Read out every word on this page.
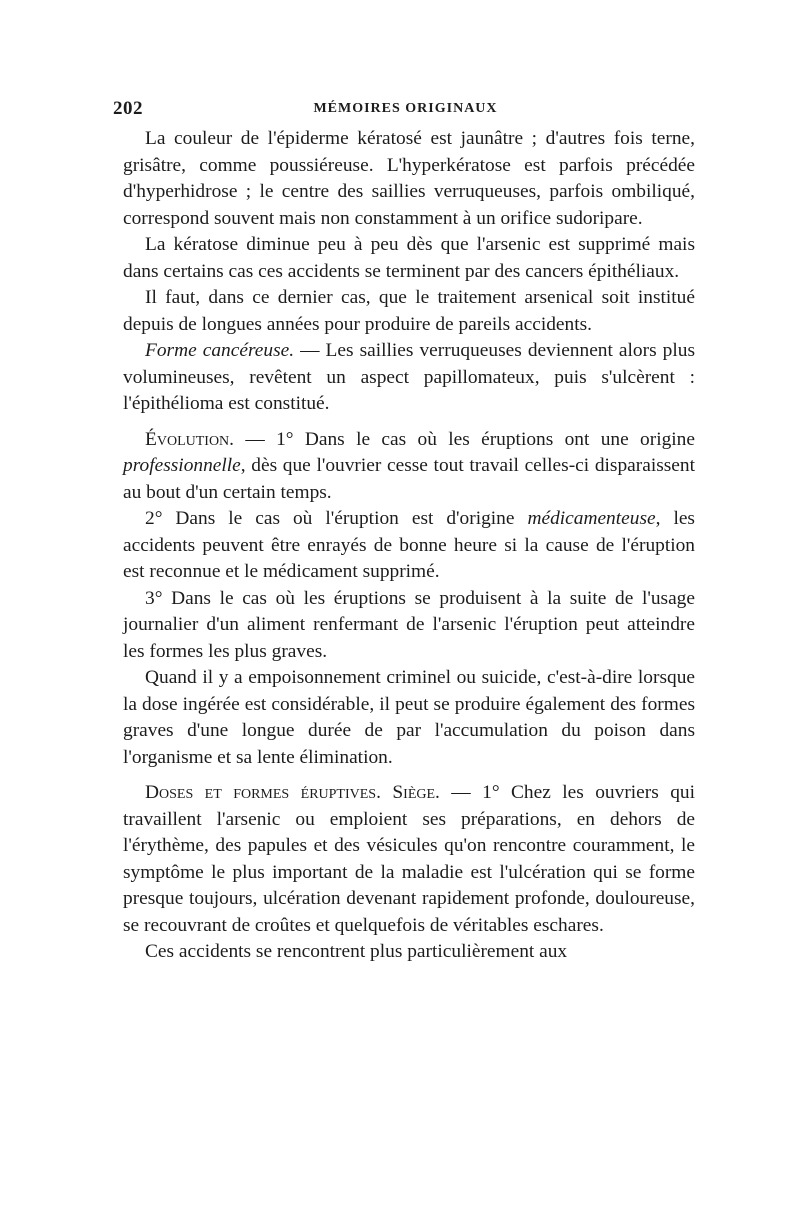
202	MÉMOIRES ORIGINAUX

La couleur de l'épiderme kératosé est jaunâtre ; d'autres fois terne, grisâtre, comme poussiéreuse. L'hyperkératose est parfois précédée d'hyperhidrose ; le centre des saillies verruqueuses, parfois ombiliqué, correspond souvent mais non constamment à un orifice sudoripare.

La kératose diminue peu à peu dès que l'arsenic est supprimé mais dans certains cas ces accidents se terminent par des cancers épithéliaux.

Il faut, dans ce dernier cas, que le traitement arsenical soit institué depuis de longues années pour produire de pareils accidents.

Forme cancéreuse. — Les saillies verruqueuses deviennent alors plus volumineuses, revêtent un aspect papillomateux, puis s'ulcèrent : l'épithélioma est constitué.

Évolution. — 1° Dans le cas où les éruptions ont une origine professionnelle, dès que l'ouvrier cesse tout travail celles-ci disparaissent au bout d'un certain temps.

2° Dans le cas où l'éruption est d'origine médicamenteuse, les accidents peuvent être enrayés de bonne heure si la cause de l'éruption est reconnue et le médicament supprimé.

3° Dans le cas où les éruptions se produisent à la suite de l'usage journalier d'un aliment renfermant de l'arsenic l'éruption peut atteindre les formes les plus graves.

Quand il y a empoisonnement criminel ou suicide, c'est-à-dire lorsque la dose ingérée est considérable, il peut se produire également des formes graves d'une longue durée de par l'accumulation du poison dans l'organisme et sa lente élimination.

Doses et formes éruptives. Siège. — 1° Chez les ouvriers qui travaillent l'arsenic ou emploient ses préparations, en dehors de l'érythème, des papules et des vésicules qu'on rencontre couramment, le symptôme le plus important de la maladie est l'ulcération qui se forme presque toujours, ulcération devenant rapidement profonde, douloureuse, se recouvrant de croûtes et quelquefois de véritables eschares.

Ces accidents se rencontrent plus particulièrement aux
